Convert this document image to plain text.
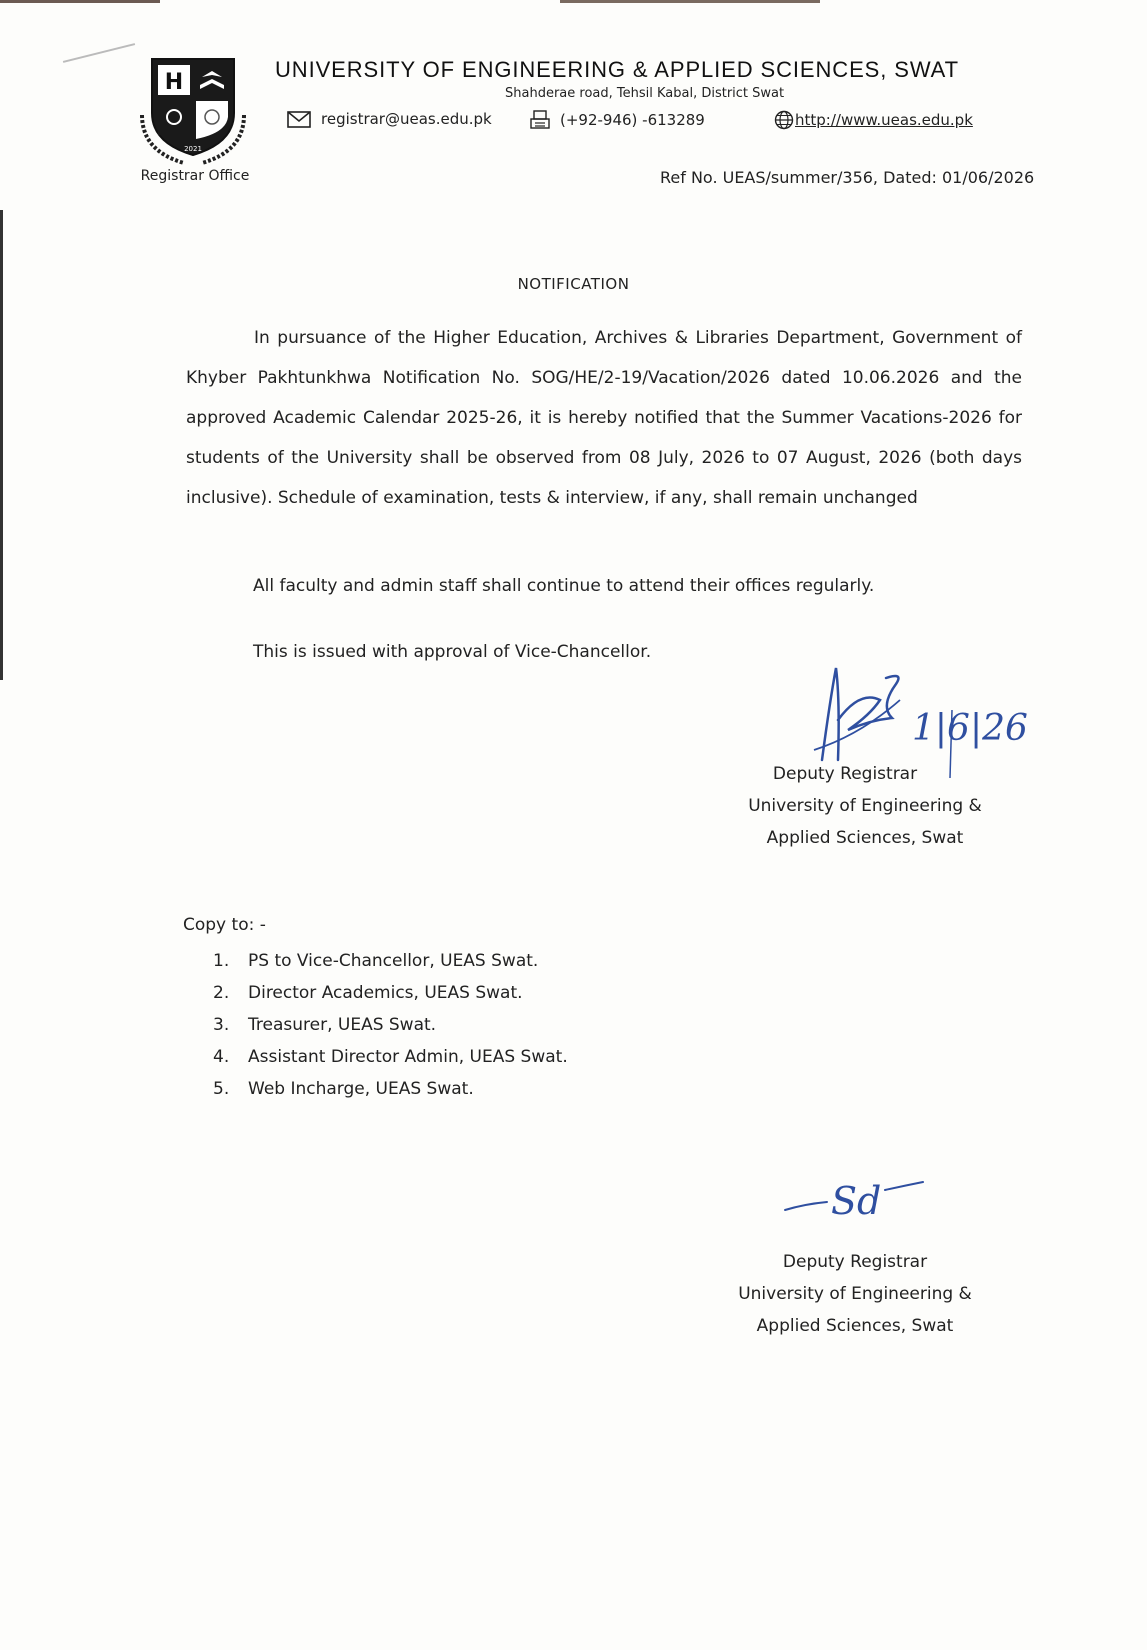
H
2021
Registrar Office
UNIVERSITY OF ENGINEERING & APPLIED SCIENCES, SWAT
Shahderae road, Tehsil Kabal, District Swat
registrar@ueas.edu.pk	(+92-946) -613289	http://www.ueas.edu.pk
Ref No. UEAS/summer/356, Dated: 01/06/2026
NOTIFICATION
In pursuance of the Higher Education, Archives & Libraries Department, Government of Khyber Pakhtunkhwa Notification No. SOG/HE/2-19/Vacation/2026 dated 10.06.2026 and the approved Academic Calendar 2025-26, it is hereby notified that the Summer Vacations-2026 for students of the University shall be observed from 08 July, 2026 to 07 August, 2026 (both days inclusive). Schedule of examination, tests & interview, if any, shall remain unchanged
All faculty and admin staff shall continue to attend their offices regularly.
This is issued with approval of Vice-Chancellor.
1|6|26
Deputy Registrar
University of Engineering &
Applied Sciences, Swat
Copy to: -
1. PS to Vice-Chancellor, UEAS Swat.
2. Director Academics, UEAS Swat.
3. Treasurer, UEAS Swat.
4. Assistant Director Admin, UEAS Swat.
5. Web Incharge, UEAS Swat.
Sd
Deputy Registrar
University of Engineering &
Applied Sciences, Swat
